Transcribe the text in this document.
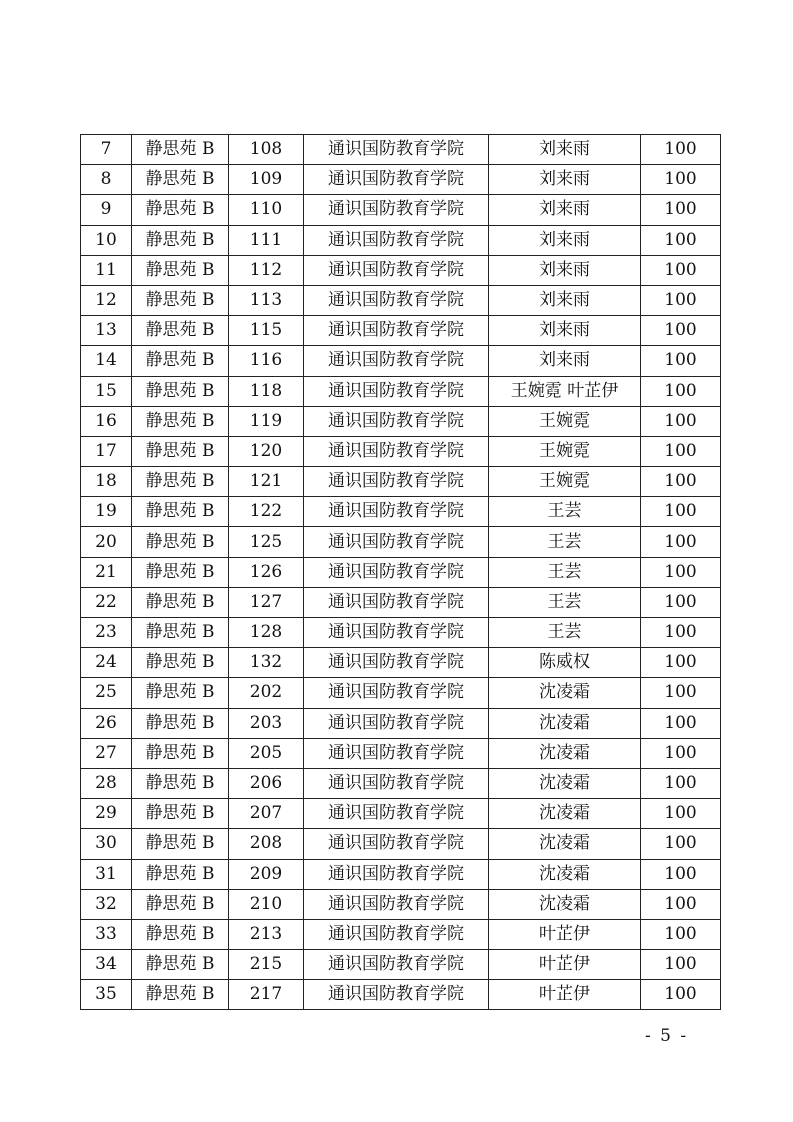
7	静思苑 B	108	通识国防教育学院	刘来雨	100
8	静思苑 B	109	通识国防教育学院	刘来雨	100
9	静思苑 B	110	通识国防教育学院	刘来雨	100
10	静思苑 B	111	通识国防教育学院	刘来雨	100
11	静思苑 B	112	通识国防教育学院	刘来雨	100
12	静思苑 B	113	通识国防教育学院	刘来雨	100
13	静思苑 B	115	通识国防教育学院	刘来雨	100
14	静思苑 B	116	通识国防教育学院	刘来雨	100
15	静思苑 B	118	通识国防教育学院	王婉霓 叶芷伊	100
16	静思苑 B	119	通识国防教育学院	王婉霓	100
17	静思苑 B	120	通识国防教育学院	王婉霓	100
18	静思苑 B	121	通识国防教育学院	王婉霓	100
19	静思苑 B	122	通识国防教育学院	王芸	100
20	静思苑 B	125	通识国防教育学院	王芸	100
21	静思苑 B	126	通识国防教育学院	王芸	100
22	静思苑 B	127	通识国防教育学院	王芸	100
23	静思苑 B	128	通识国防教育学院	王芸	100
24	静思苑 B	132	通识国防教育学院	陈威权	100
25	静思苑 B	202	通识国防教育学院	沈凌霜	100
26	静思苑 B	203	通识国防教育学院	沈凌霜	100
27	静思苑 B	205	通识国防教育学院	沈凌霜	100
28	静思苑 B	206	通识国防教育学院	沈凌霜	100
29	静思苑 B	207	通识国防教育学院	沈凌霜	100
30	静思苑 B	208	通识国防教育学院	沈凌霜	100
31	静思苑 B	209	通识国防教育学院	沈凌霜	100
32	静思苑 B	210	通识国防教育学院	沈凌霜	100
33	静思苑 B	213	通识国防教育学院	叶芷伊	100
34	静思苑 B	215	通识国防教育学院	叶芷伊	100
35	静思苑 B	217	通识国防教育学院	叶芷伊	100
- 5 -
